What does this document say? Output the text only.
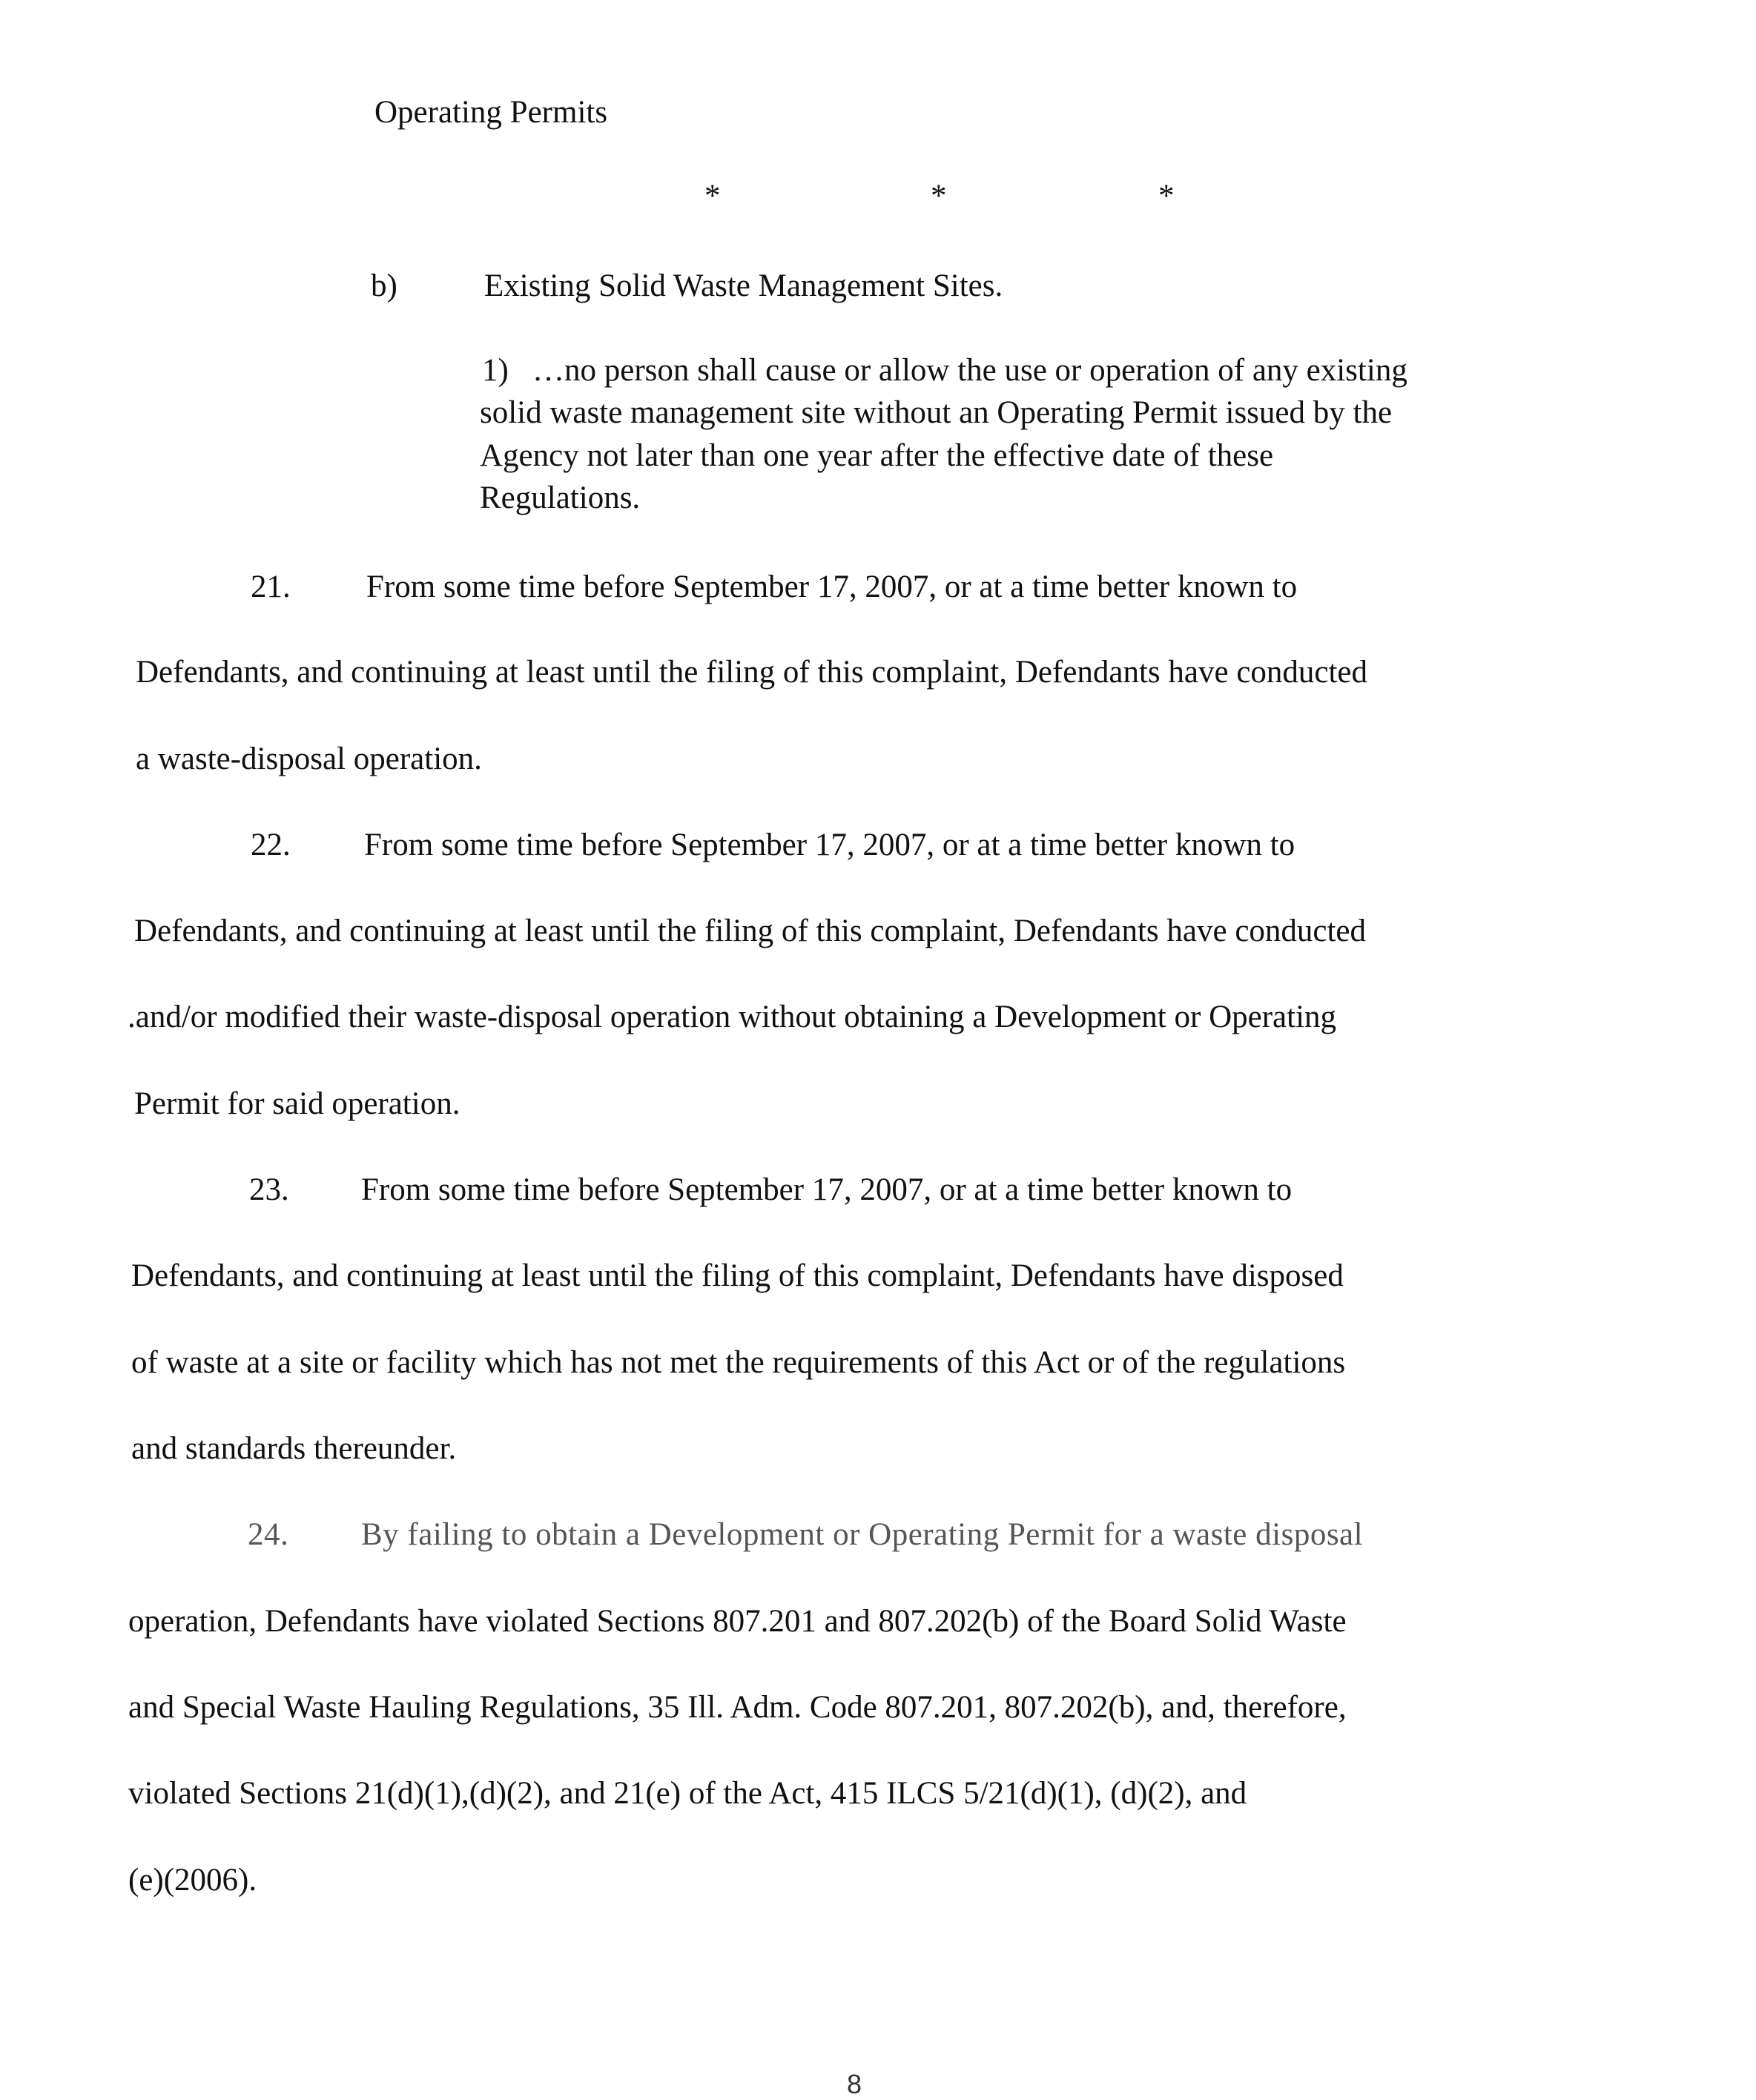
Operating Permits
*	*	*
b)	Existing Solid Waste Management Sites.
1) …no person shall cause or allow the use or operation of any existing
solid waste management site without an Operating Permit issued by the
Agency not later than one year after the effective date of these
Regulations.
21. From some time before September 17, 2007, or at a time better known to
Defendants, and continuing at least until the filing of this complaint, Defendants have conducted
a waste-disposal operation.
22. From some time before September 17, 2007, or at a time better known to
Defendants, and continuing at least until the filing of this complaint, Defendants have conducted
.and/or modified their waste-disposal operation without obtaining a Development or Operating
Permit for said operation.
23. From some time before September 17, 2007, or at a time better known to
Defendants, and continuing at least until the filing of this complaint, Defendants have disposed
of waste at a site or facility which has not met the requirements of this Act or of the regulations
and standards thereunder.
24. By failing to obtain a Development or Operating Permit for a waste disposal
operation, Defendants have violated Sections 807.201 and 807.202(b) of the Board Solid Waste
and Special Waste Hauling Regulations, 35 Ill. Adm. Code 807.201, 807.202(b), and, therefore,
violated Sections 21(d)(1),(d)(2), and 21(e) of the Act, 415 ILCS 5/21(d)(1), (d)(2), and
(e)(2006).
8
